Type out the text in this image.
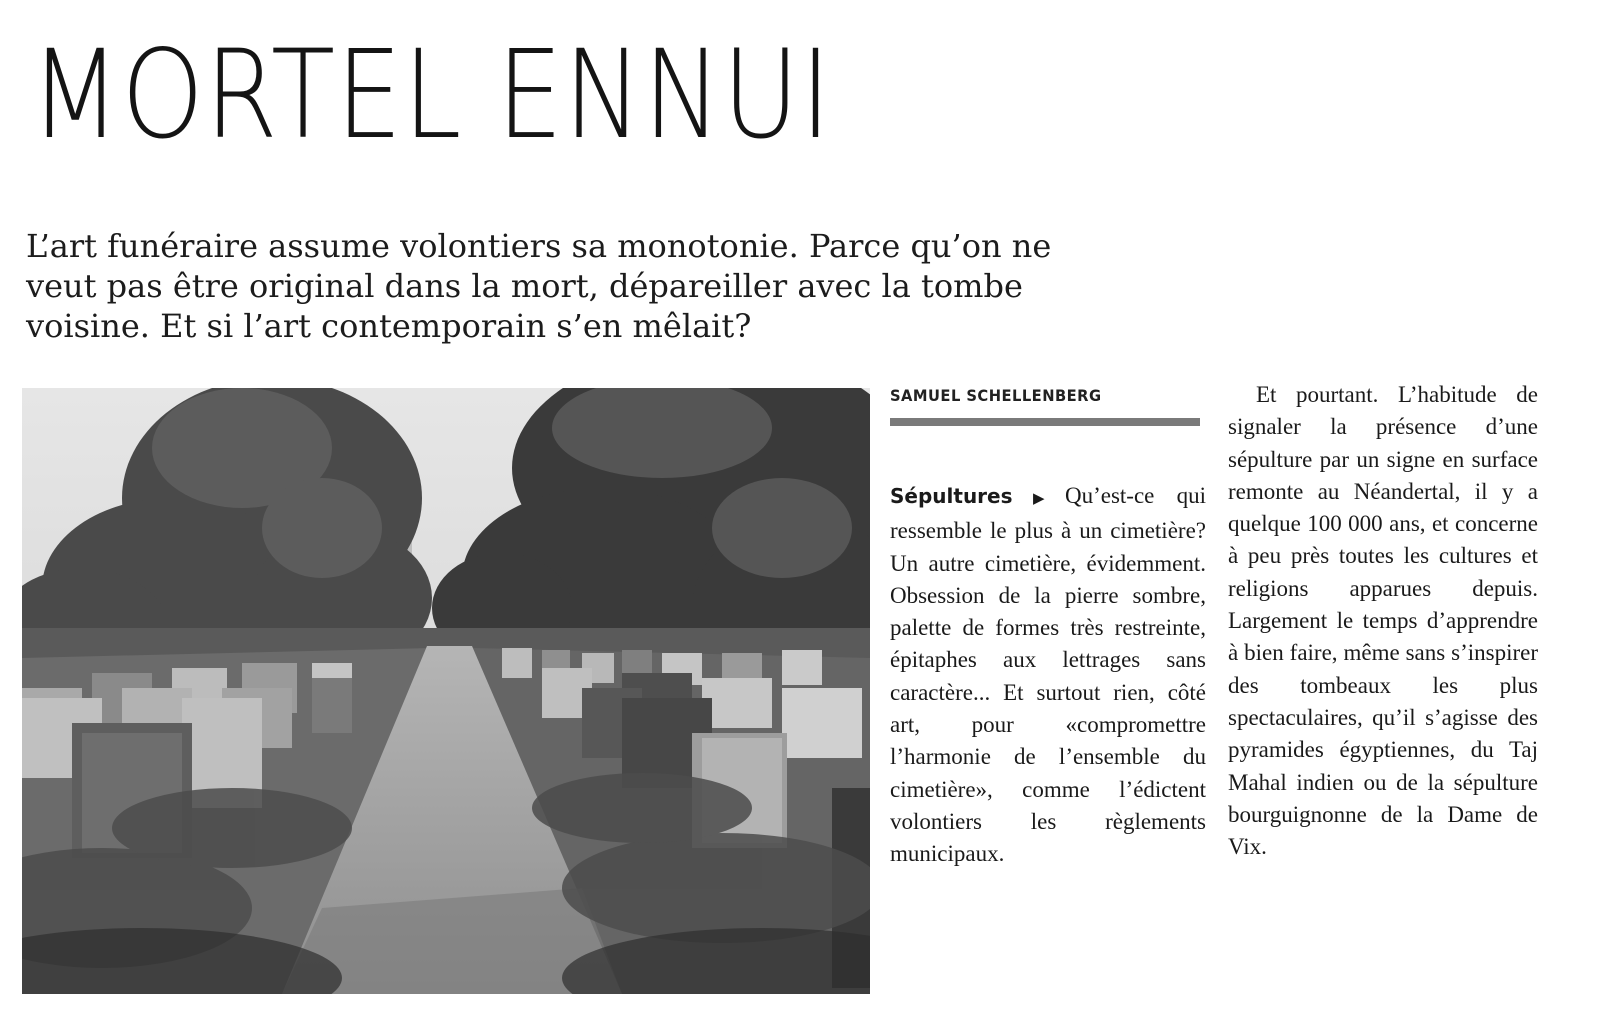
MORTEL ENNUI

L’art funéraire assume volontiers sa monotonie. Parce qu’on ne veut pas être original dans la mort, dépareiller avec la tombe voisine. Et si l’art contemporain s’en mêlait?

SAMUEL SCHELLENBERG

Sépultures ▶ Qu’est-ce qui ressemble le plus à un cimetière? Un autre cimetière, évidemment. Obsession de la pierre sombre, palette de formes très restreinte, épitaphes aux lettrages sans caractère... Et surtout rien, côté art, pour «compromettre l’harmonie de l’ensemble du cimetière», comme l’édictent volontiers les règlements municipaux.

Et pourtant. L’habitude de signaler la présence d’une sépulture par un signe en surface remonte au Néandertal, il y a quelque 100 000 ans, et concerne à peu près toutes les cultures et religions apparues depuis. Largement le temps d’apprendre à bien faire, même sans s’inspirer des tombeaux les plus spectaculaires, qu’il s’agisse des pyramides égyptiennes, du Taj Mahal indien ou de la sépulture bourguignonne de la Dame de Vix.
